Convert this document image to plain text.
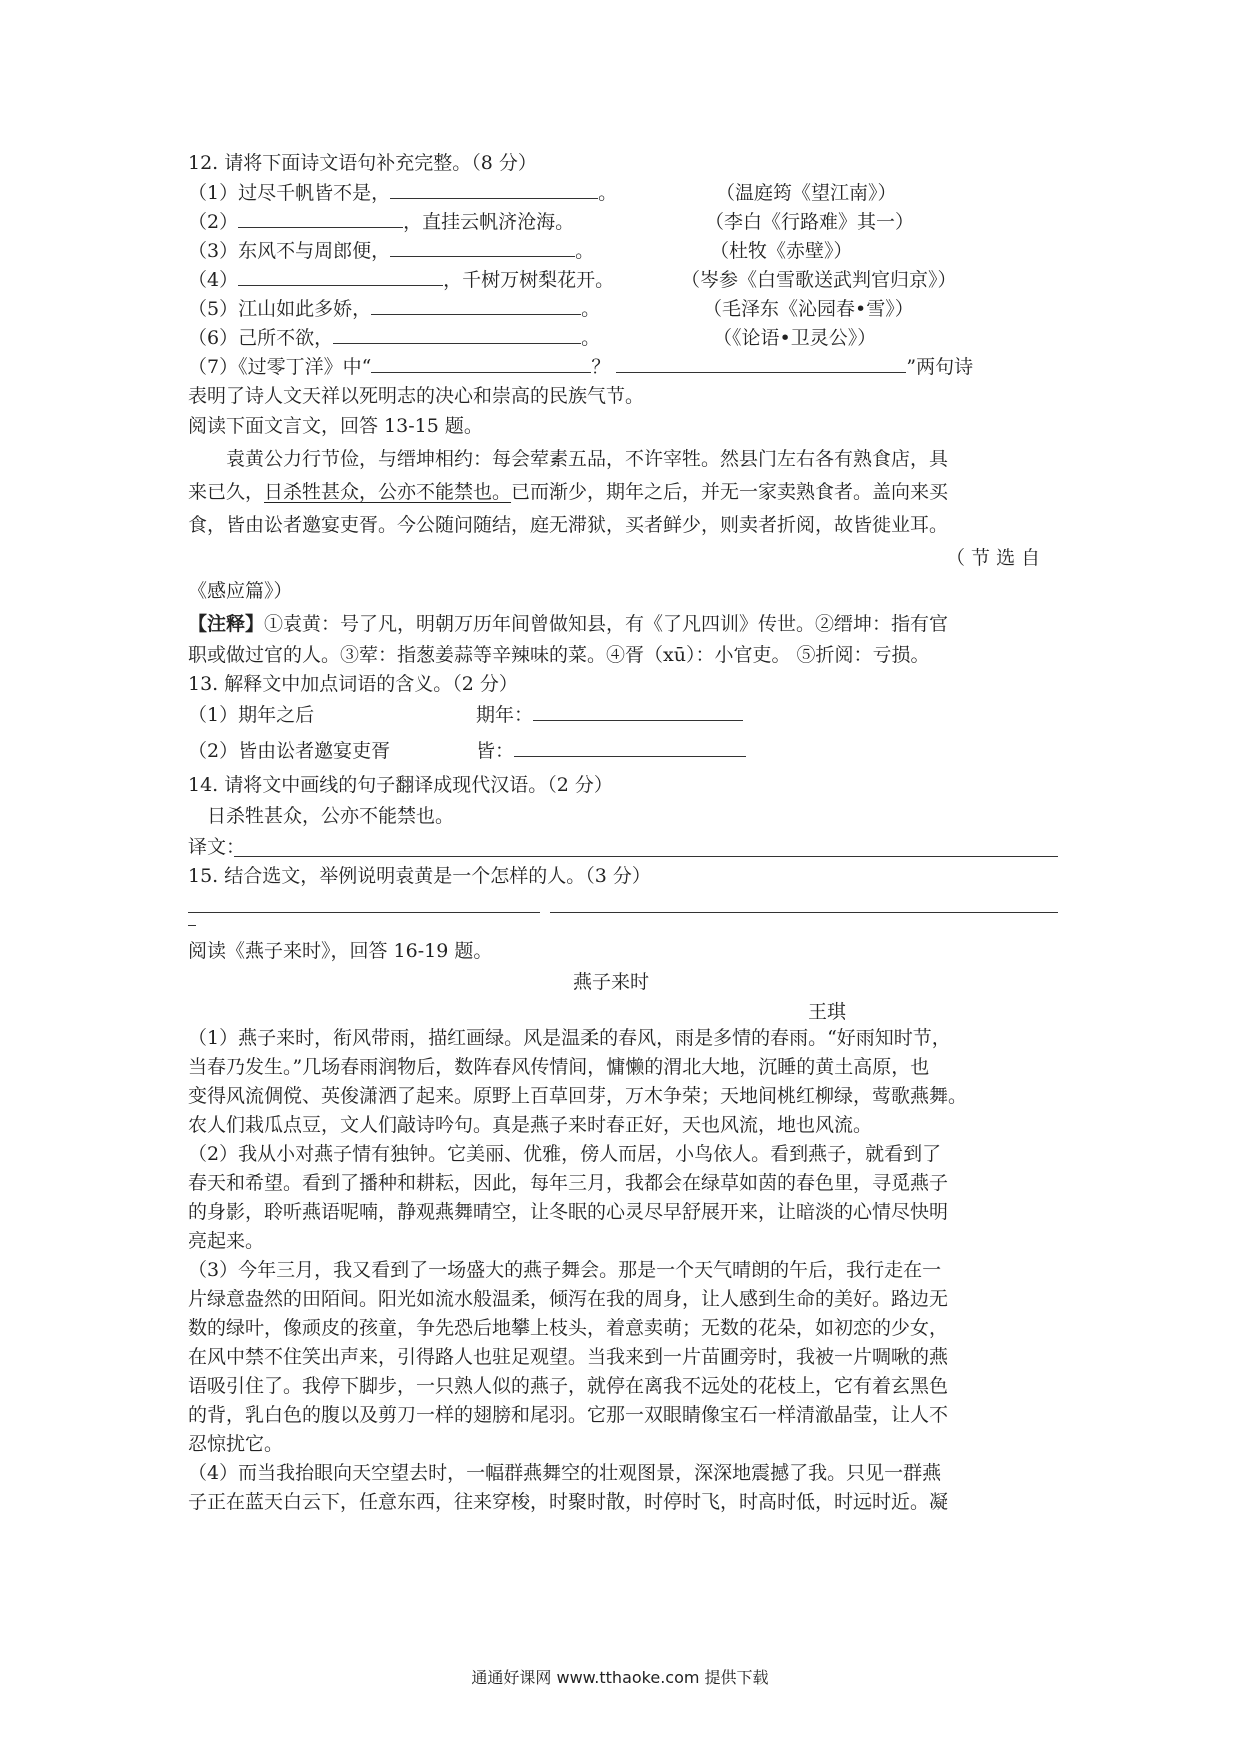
12. 请将下面诗文语句补充完整。（8 分）
（1）过尽千帆皆不是，	。	（温庭筠《望江南》）
（2）	，直挂云帆济沧海。	（李白《行路难》其一）
（3）东风不与周郎便，	。	（杜牧《赤壁》）
（4）	，千树万树梨花开。	（岑参《白雪歌送武判官归京》）
（5）江山如此多娇，	。	（毛泽东《沁园春•雪》）
（6）己所不欲，	。	（《论语•卫灵公》）
（7）《过零丁洋》中“	？	”两句诗
表明了诗人文天祥以死明志的决心和崇高的民族气节。
阅读下面文言文，回答 13-15 题。
袁黄公力行节俭，与缙坤相约：每会荤素五品，不许宰牲。然县门左右各有熟食店，具
来已久，日杀牲甚众，公亦不能禁也。已而渐少，期年之后，并无一家卖熟食者。盖向来买
食，皆由讼者邀宴吏胥。今公随问随结，庭无滞狱，买者鲜少，则卖者折阅，故皆徙业耳。
（ 节 选 自
《感应篇》）
【注释】①袁黄：号了凡，明朝万历年间曾做知县，有《了凡四训》传世。②缙坤：指有官
职或做过官的人。③荤：指葱姜蒜等辛辣味的菜。④胥（xū）：小官吏。 ⑤折阅：亏损。
13. 解释文中加点词语的含义。（2 分）
（1）期年之后	期年：
（2）皆由讼者邀宴吏胥	皆：
14. 请将文中画线的句子翻译成现代汉语。（2 分）
日杀牲甚众，公亦不能禁也。
译文：
15. 结合选文，举例说明袁黄是一个怎样的人。（3 分）
阅读《燕子来时》，回答 16-19 题。
燕子来时
王琪
（1）燕子来时，衔风带雨，描红画绿。风是温柔的春风，雨是多情的春雨。“好雨知时节，
当春乃发生。”几场春雨润物后，数阵春风传情间，慵懒的渭北大地，沉睡的黄土高原，也
变得风流倜傥、英俊潇洒了起来。原野上百草回芽，万木争荣；天地间桃红柳绿，莺歌燕舞。
农人们栽瓜点豆，文人们敲诗吟句。真是燕子来时春正好，天也风流，地也风流。
（2）我从小对燕子情有独钟。它美丽、优雅，傍人而居，小鸟依人。看到燕子，就看到了
春天和希望。看到了播种和耕耘，因此，每年三月，我都会在绿草如茵的春色里，寻觅燕子
的身影，聆听燕语呢喃，静观燕舞晴空，让冬眠的心灵尽早舒展开来，让暗淡的心情尽快明
亮起来。
（3）今年三月，我又看到了一场盛大的燕子舞会。那是一个天气晴朗的午后，我行走在一
片绿意盎然的田陌间。阳光如流水般温柔，倾泻在我的周身，让人感到生命的美好。路边无
数的绿叶，像顽皮的孩童，争先恐后地攀上枝头，着意卖萌；无数的花朵，如初恋的少女，
在风中禁不住笑出声来，引得路人也驻足观望。当我来到一片苗圃旁时，我被一片啁啾的燕
语吸引住了。我停下脚步，一只熟人似的燕子，就停在离我不远处的花枝上，它有着玄黑色
的背，乳白色的腹以及剪刀一样的翅膀和尾羽。它那一双眼睛像宝石一样清澈晶莹，让人不
忍惊扰它。
（4）而当我抬眼向天空望去时，一幅群燕舞空的壮观图景，深深地震撼了我。只见一群燕
子正在蓝天白云下，任意东西，往来穿梭，时聚时散，时停时飞，时高时低，时远时近。凝
通通好课网 www.tthaoke.com 提供下载
